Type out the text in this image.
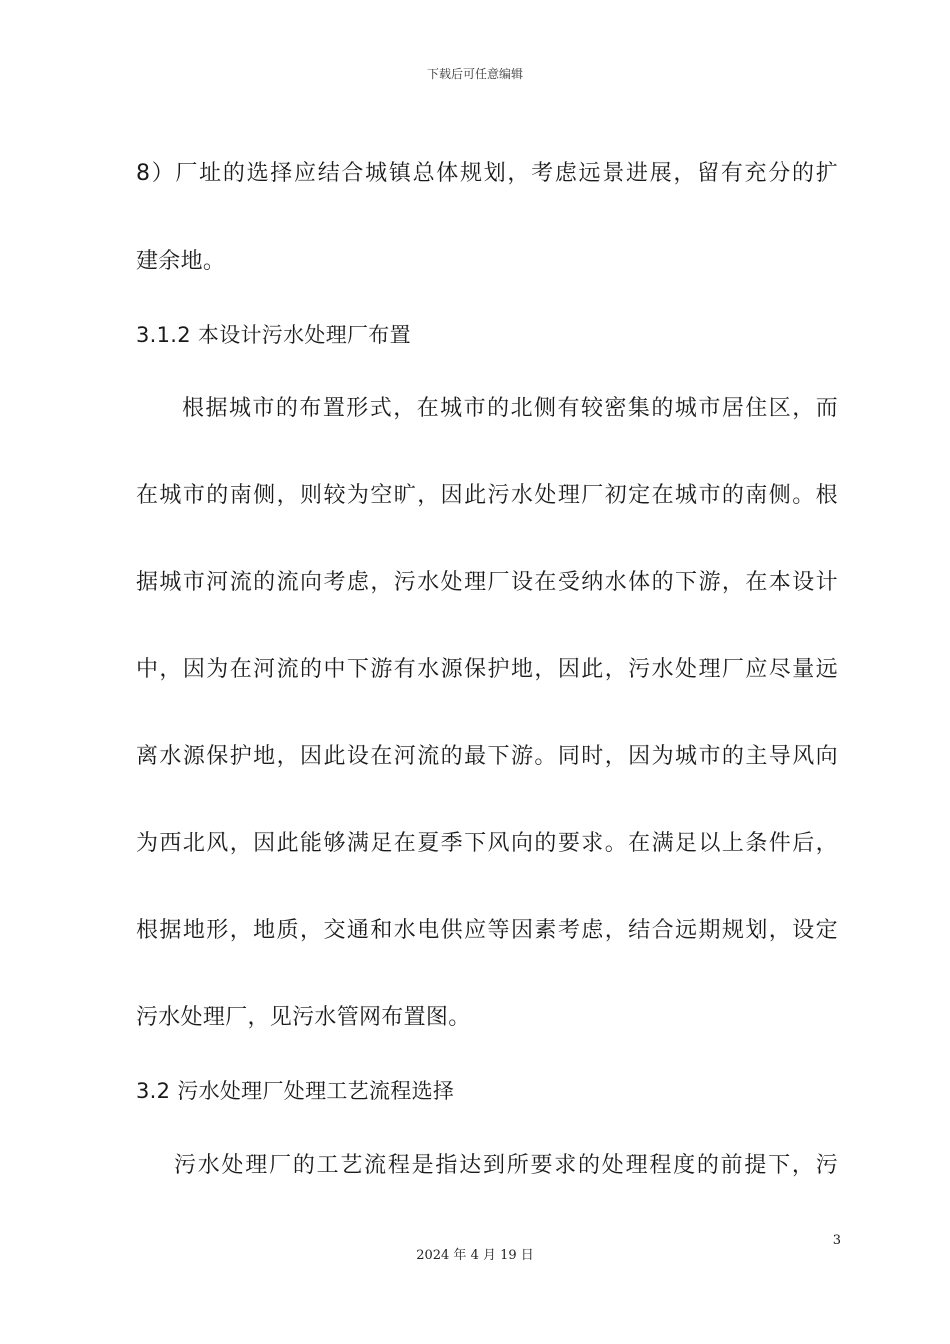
下载后可任意编辑
8）厂址的选择应结合城镇总体规划，考虑远景进展，留有充分的扩
建余地。
3.1.2 本设计污水处理厂布置
根据城市的布置形式，在城市的北侧有较密集的城市居住区，而
在城市的南侧，则较为空旷，因此污水处理厂初定在城市的南侧。根
据城市河流的流向考虑，污水处理厂设在受纳水体的下游，在本设计
中，因为在河流的中下游有水源保护地，因此，污水处理厂应尽量远
离水源保护地，因此设在河流的最下游。同时，因为城市的主导风向
为西北风，因此能够满足在夏季下风向的要求。在满足以上条件后，
根据地形，地质，交通和水电供应等因素考虑，结合远期规划，设定
污水处理厂，见污水管网布置图。
3.2 污水处理厂处理工艺流程选择
污水处理厂的工艺流程是指达到所要求的处理程度的前提下，污
3
2024 年 4 月 19 日
